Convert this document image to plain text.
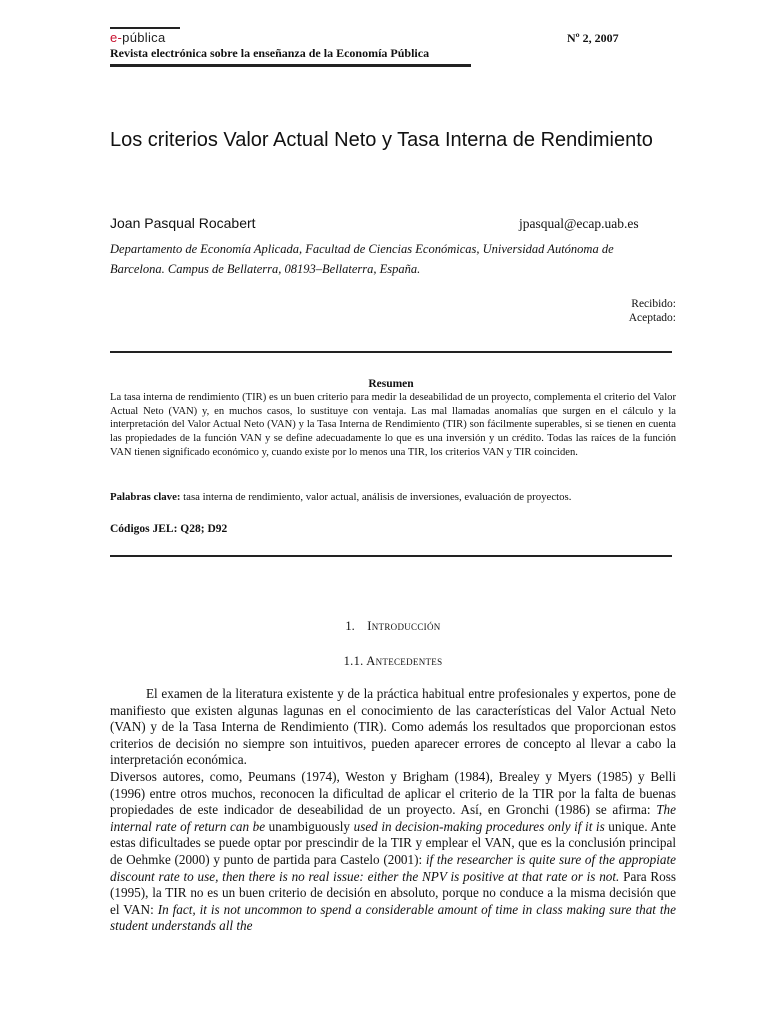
e-pública	Nº 2, 2007
Revista electrónica sobre la enseñanza de la Economía Pública
Los criterios Valor Actual Neto y Tasa Interna de Rendimiento
Joan Pasqual Rocabert	jpasqual@ecap.uab.es
Departamento de Economía Aplicada, Facultad de Ciencias Económicas, Universidad Autónoma de Barcelona. Campus de Bellaterra, 08193–Bellaterra, España.
Recibido:
Aceptado:
Resumen
La tasa interna de rendimiento (TIR) es un buen criterio para medir la deseabilidad de un proyecto, complementa el criterio del Valor Actual Neto (VAN) y, en muchos casos, lo sustituye con ventaja. Las mal llamadas anomalías que surgen en el cálculo y la interpretación del Valor Actual Neto (VAN) y la Tasa Interna de Rendimiento (TIR) son fácilmente superables, si se tienen en cuenta las propiedades de la función VAN y se define adecuadamente lo que es una inversión y un crédito. Todas las raíces de la función VAN tienen significado económico y, cuando existe por lo menos una TIR, los criterios VAN y TIR coinciden.
Palabras clave: tasa interna de rendimiento, valor actual, análisis de inversiones, evaluación de proyectos.
Códigos JEL: Q28; D92
1. Introducción
1.1. Antecedentes

El examen de la literatura existente y de la práctica habitual entre profesionales y expertos, pone de manifiesto que existen algunas lagunas en el conocimiento de las características del Valor Actual Neto (VAN) y de la Tasa Interna de Rendimiento (TIR). Como además los resultados que proporcionan estos criterios de decisión no siempre son intuitivos, pueden aparecer errores de concepto al llevar a cabo la interpretación económica.

Diversos autores, como, Peumans (1974), Weston y Brigham (1984), Brealey y Myers (1985) y Belli (1996) entre otros muchos, reconocen la dificultad de aplicar el criterio de la TIR por la falta de buenas propiedades de este indicador de deseabilidad de un proyecto. Así, en Gronchi (1986) se afirma: The internal rate of return can be unambiguously used in decision-making procedures only if it is unique. Ante estas dificultades se puede optar por prescindir de la TIR y emplear el VAN, que es la conclusión principal de Oehmke (2000) y punto de partida para Castelo (2001): if the researcher is quite sure of the appropiate discount rate to use, then there is no real issue: either the NPV is positive at that rate or is not. Para Ross (1995), la TIR no es un buen criterio de decisión en absoluto, porque no conduce a la misma decisión que el VAN: In fact, it is not uncommon to spend a considerable amount of time in class making sure that the student understands all the
